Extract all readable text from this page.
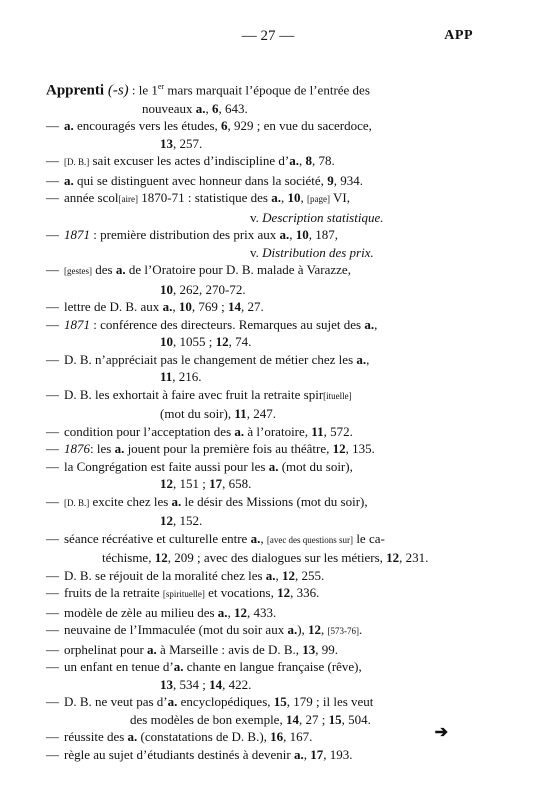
— 27 —	APP
Apprenti (-s) : le 1er mars marquait l’époque de l’entrée des
nouveaux a., 6, 643.
— a. encouragés vers les études, 6, 929 ; en vue du sacerdoce,
13, 257.
— [D. B.] sait excuser les actes d’indiscipline d’a., 8, 78.
— a. qui se distinguent avec honneur dans la société, 9, 934.
— année scol[aire] 1870-71 : statistique des a., 10, [page] VI,
v. Description statistique.
— 1871 : première distribution des prix aux a., 10, 187,
v. Distribution des prix.
— [gestes] des a. de l’Oratoire pour D. B. malade à Varazze,
10, 262, 270-72.
— lettre de D. B. aux a., 10, 769 ; 14, 27.
— 1871 : conférence des directeurs. Remarques au sujet des a.,
10, 1055 ; 12, 74.
— D. B. n’appréciait pas le changement de métier chez les a.,
11, 216.
— D. B. les exhortait à faire avec fruit la retraite spir[ituelle]
(mot du soir), 11, 247.
— condition pour l’acceptation des a. à l’oratoire, 11, 572.
— 1876: les a. jouent pour la première fois au théâtre, 12, 135.
— la Congrégation est faite aussi pour les a. (mot du soir),
12, 151 ; 17, 658.
— [D. B.] excite chez les a. le désir des Missions (mot du soir),
12, 152.
— séance récréative et culturelle entre a., [avec des questions sur] le ca-
téchisme, 12, 209 ; avec des dialogues sur les métiers, 12, 231.
— D. B. se réjouit de la moralité chez les a., 12, 255.
— fruits de la retraite [spirituelle] et vocations, 12, 336.
— modèle de zèle au milieu des a., 12, 433.
— neuvaine de l’Immaculée (mot du soir aux a.), 12, [573-76].
— orphelinat pour a. à Marseille : avis de D. B., 13, 99.
— un enfant en tenue d’a. chante en langue française (rêve),
13, 534 ; 14, 422.
— D. B. ne veut pas d’a. encyclopédiques, 15, 179 ; il les veut
des modèles de bon exemple, 14, 27 ; 15, 504.
— réussite des a. (constatations de D. B.), 16, 167.
— règle au sujet d’étudiants destinés à devenir a., 17, 193.
➔
